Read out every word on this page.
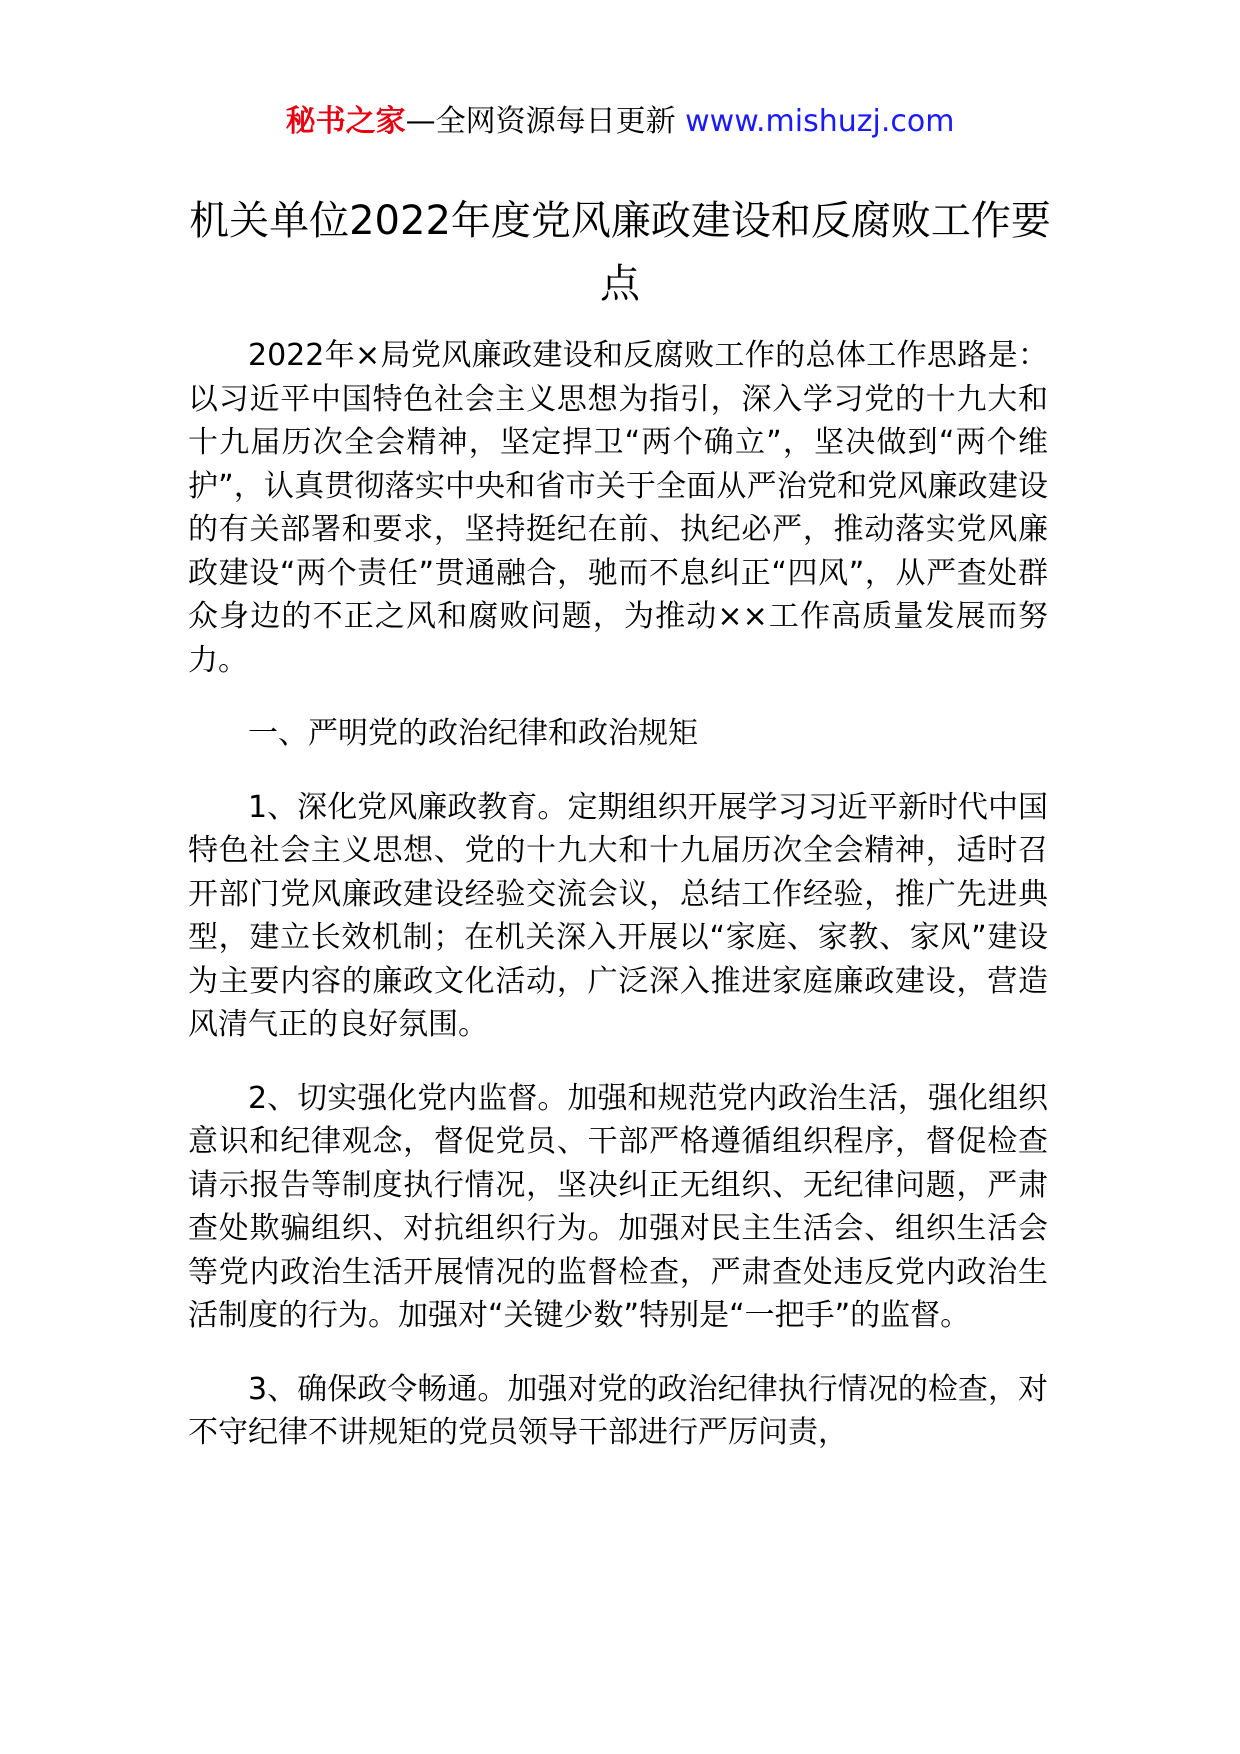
秘书之家—全网资源每日更新 www.mishuzj.com
机关单位2022年度党风廉政建设和反腐败工作要点

2022年×局党风廉政建设和反腐败工作的总体工作思路是：以习近平中国特色社会主义思想为指引，深入学习党的十九大和十九届历次全会精神，坚定捍卫“两个确立”，坚决做到“两个维护”，认真贯彻落实中央和省市关于全面从严治党和党风廉政建设的有关部署和要求，坚持挺纪在前、执纪必严，推动落实党风廉政建设“两个责任”贯通融合，驰而不息纠正“四风”，从严查处群众身边的不正之风和腐败问题，为推动××工作高质量发展而努力。

一、严明党的政治纪律和政治规矩

1、深化党风廉政教育。定期组织开展学习习近平新时代中国特色社会主义思想、党的十九大和十九届历次全会精神，适时召开部门党风廉政建设经验交流会议，总结工作经验，推广先进典型，建立长效机制；在机关深入开展以“家庭、家教、家风”建设为主要内容的廉政文化活动，广泛深入推进家庭廉政建设，营造风清气正的良好氛围。

2、切实强化党内监督。加强和规范党内政治生活，强化组织意识和纪律观念，督促党员、干部严格遵循组织程序，督促检查请示报告等制度执行情况，坚决纠正无组织、无纪律问题，严肃查处欺骗组织、对抗组织行为。加强对民主生活会、组织生活会等党内政治生活开展情况的监督检查，严肃查处违反党内政治生活制度的行为。加强对“关键少数”特别是“一把手”的监督。

3、确保政令畅通。加强对党的政治纪律执行情况的检查，对不守纪律不讲规矩的党员领导干部进行严厉问责，
